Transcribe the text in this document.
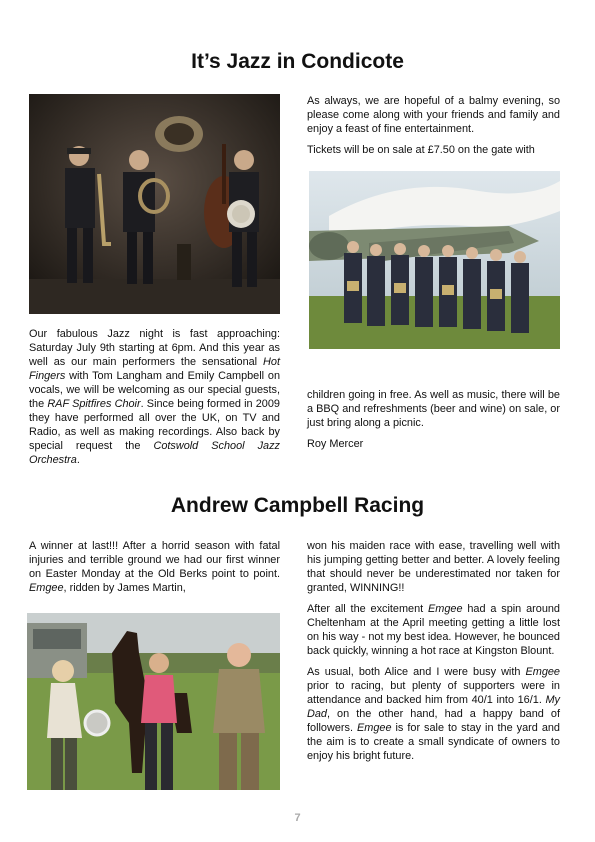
It’s Jazz in Condicote

As always, we are hopeful of a balmy evening, so please come along with your friends and family and enjoy a feast of fine entertainment.

Tickets will be on sale at £7.50 on the gate with

Our fabulous Jazz night is fast approaching: Saturday July 9th starting at 6pm. And this year as well as our main performers the sensational Hot Fingers with Tom Langham and Emily Campbell on vocals, we will be welcoming as our special guests, the RAF Spitfires Choir. Since being formed in 2009 they have performed all over the UK, on TV and Radio, as well as making recordings. Also back by special request the Cotswold School Jazz Orchestra.

children going in free. As well as music, there will be a BBQ and refreshments (beer and wine) on sale, or just bring along a picnic.

Roy Mercer

Andrew Campbell Racing

A winner at last!!! After a horrid season with fatal injuries and terrible ground we had our first winner on Easter Monday at the Old Berks point to point. Emgee, ridden by James Martin,

won his maiden race with ease, travelling well with his jumping getting better and better. A lovely feeling that should never be underestimated nor taken for granted, WINNING!!

After all the excitement Emgee had a spin around Cheltenham at the April meeting getting a little lost on his way - not my best idea. However, he bounced back quickly, winning a hot race at Kingston Blount.

As usual, both Alice and I were busy with Emgee prior to racing, but plenty of supporters were in attendance and backed him from 40/1 into 16/1. My Dad, on the other hand, had a happy band of followers. Emgee is for sale to stay in the yard and the aim is to create a small syndicate of owners to enjoy his bright future.

7
